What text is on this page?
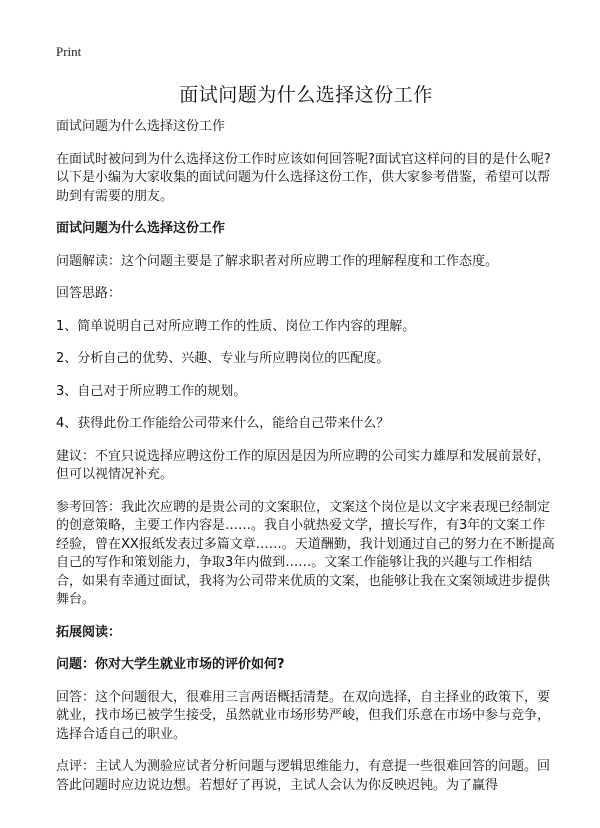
Print
面试问题为什么选择这份工作
面试问题为什么选择这份工作
在面试时被问到为什么选择这份工作时应该如何回答呢?面试官这样问的目的是什么呢?以下是小编为大家收集的面试问题为什么选择这份工作，供大家参考借鉴，希望可以帮助到有需要的朋友。
面试问题为什么选择这份工作
问题解读：这个问题主要是了解求职者对所应聘工作的理解程度和工作态度。
回答思路：
1、简单说明自己对所应聘工作的性质、岗位工作内容的理解。
2、分析自己的优势、兴趣、专业与所应聘岗位的匹配度。
3、自己对于所应聘工作的规划。
4、获得此份工作能给公司带来什么，能给自己带来什么？
建议：不宜只说选择应聘这份工作的原因是因为所应聘的公司实力雄厚和发展前景好，但可以视情况补充。
参考回答：我此次应聘的是贵公司的文案职位，文案这个岗位是以文字来表现已经制定的创意策略，主要工作内容是……。我自小就热爱文学，擅长写作，有3年的文案工作经验，曾在XX报纸发表过多篇文章……。天道酬勤，我计划通过自己的努力在不断提高自己的写作和策划能力，争取3年内做到……。文案工作能够让我的兴趣与工作相结合，如果有幸通过面试，我将为公司带来优质的文案，也能够让我在文案领域进步提供舞台。
拓展阅读：
问题：你对大学生就业市场的评价如何?
回答：这个问题很大，很难用三言两语概括清楚。在双向选择，自主择业的政策下，要就业，找市场已被学生接受，虽然就业市场形势严峻，但我们乐意在市场中参与竞争，选择合适自己的职业。
点评：主试人为测验应试者分析问题与逻辑思维能力，有意提一些很难回答的问题。回答此问题时应边说边想。若想好了再说，主试人会认为你反映迟钝。为了赢得
